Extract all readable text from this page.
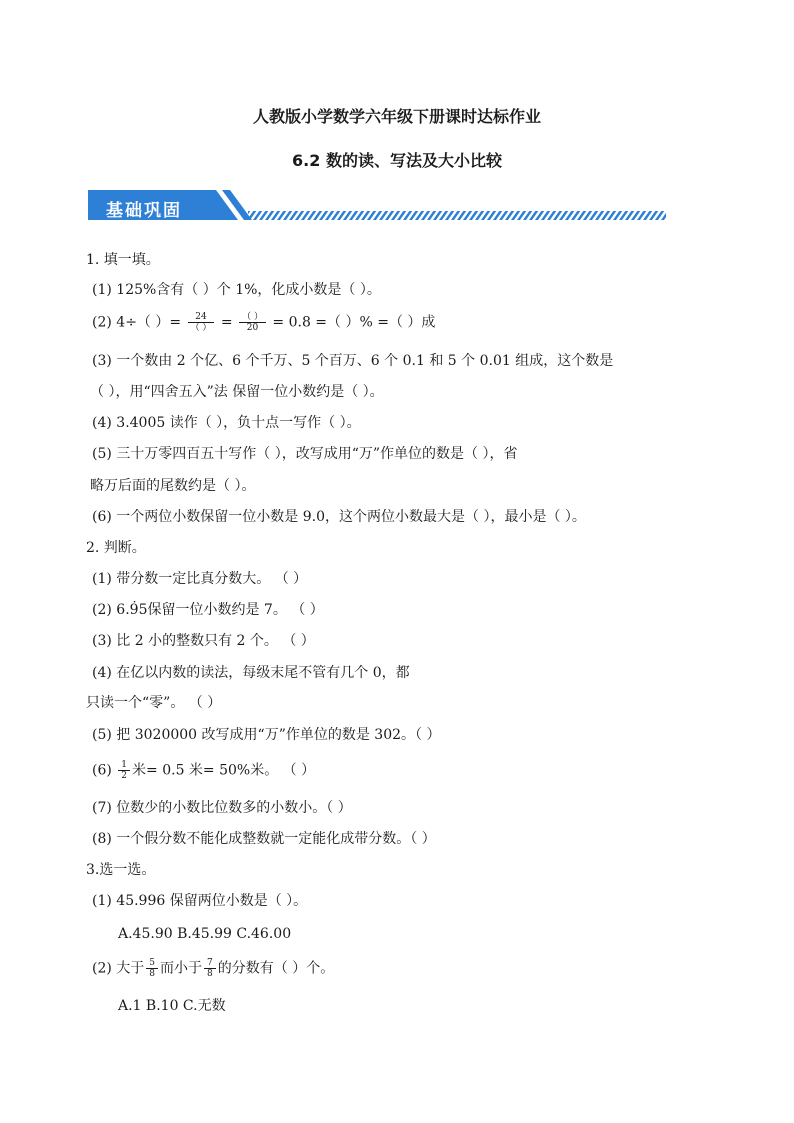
人教版小学数学六年级下册课时达标作业
6.2 数的读、写法及大小比较
基础巩固
1. 填一填。
(1) 125%含有（ ）个 1%，化成小数是（ ）。
(2) 4÷（ ）= $\frac{24}{( )} = \frac{( )}{20} = 0.8$ =（ ）% =（ ）成
(3) 一个数由 2 个亿、6 个千万、5 个百万、6 个 0.1 和 5 个 0.01 组成，这个数是
（ ），用“四舍五入”法 保留一位小数约是（ ）。
(4) 3.4005 读作（ ），负十点一写作（ ）。
(5) 三十万零四百五十写作（ ），改写成用“万”作单位的数是（ ），省
略万后面的尾数约是（ ）。
(6) 一个两位小数保留一位小数是 9.0，这个两位小数最大是（ ），最小是（ ）。
2. 判断。
(1) 带分数一定比真分数大。 （ ）
(2) 6.9 ·5保留一位小数约是 7。 （ ）
(3) 比 2 小的整数只有 2 个。 （ ）
(4) 在亿以内数的读法，每级末尾不管有几个 0，都
只读一个“零”。 （ ）
(5) 把 3020000 改写成用“万”作单位的数是 302。（ ）
$(6) \frac{1}{2}$ 米= 0.5 米= 50%米。 （ ）
(7) 位数少的小数比位数多的小数小。（ ）
(8) 一个假分数不能化成整数就一定能化成带分数。（ ）
3.选一选。
(1) 45.996 保留两位小数是（ ）。
A.45.90 B.45.99 C.46.00
(2) 大于 $\frac{5}{8}$ 而小于 $\frac{7}{8}$ 的分数有（ ）个。
A.1 B.10 C.无数
